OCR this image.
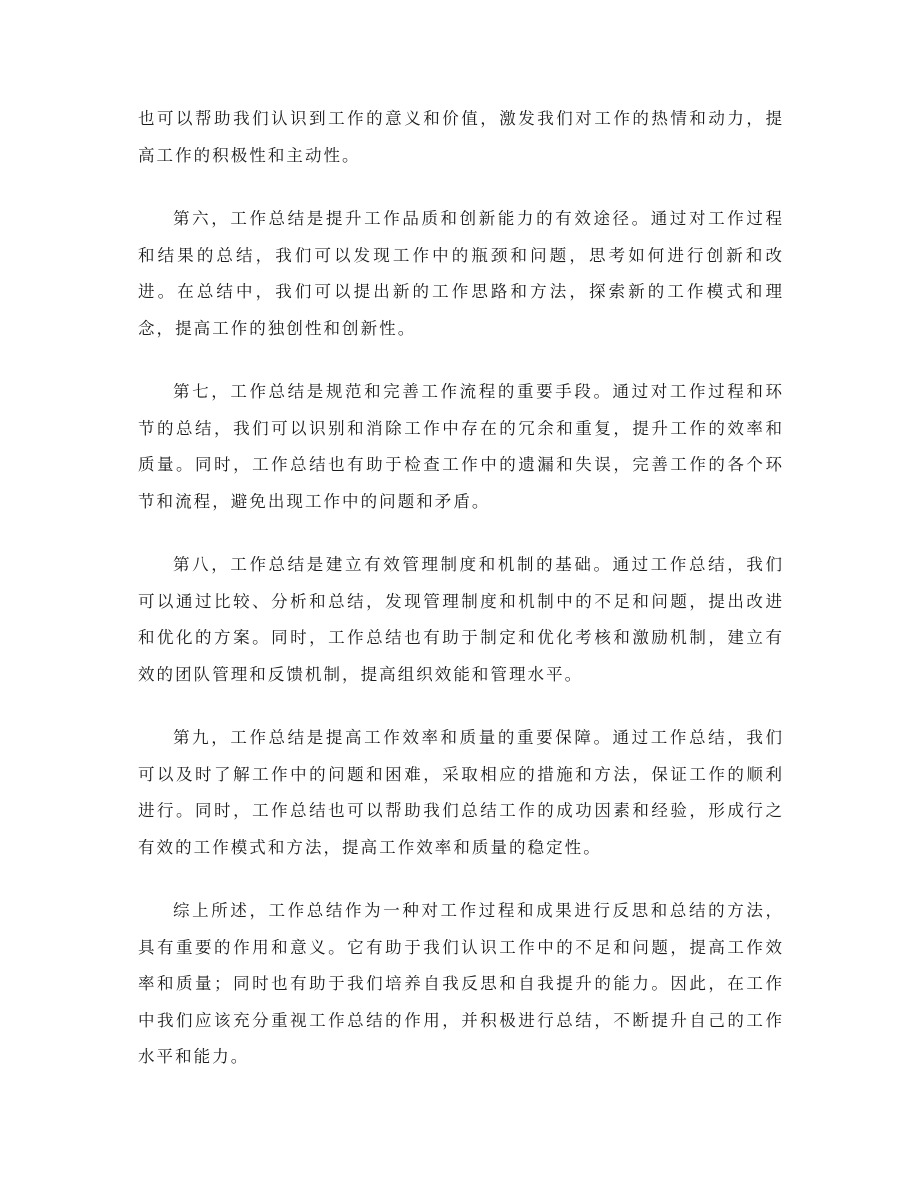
也可以帮助我们认识到工作的意义和价值，激发我们对工作的热情和动力，提高工作的积极性和主动性。

第六，工作总结是提升工作品质和创新能力的有效途径。通过对工作过程和结果的总结，我们可以发现工作中的瓶颈和问题，思考如何进行创新和改进。在总结中，我们可以提出新的工作思路和方法，探索新的工作模式和理念，提高工作的独创性和创新性。

第七，工作总结是规范和完善工作流程的重要手段。通过对工作过程和环节的总结，我们可以识别和消除工作中存在的冗余和重复，提升工作的效率和质量。同时，工作总结也有助于检查工作中的遗漏和失误，完善工作的各个环节和流程，避免出现工作中的问题和矛盾。

第八，工作总结是建立有效管理制度和机制的基础。通过工作总结，我们可以通过比较、分析和总结，发现管理制度和机制中的不足和问题，提出改进和优化的方案。同时，工作总结也有助于制定和优化考核和激励机制，建立有效的团队管理和反馈机制，提高组织效能和管理水平。

第九，工作总结是提高工作效率和质量的重要保障。通过工作总结，我们可以及时了解工作中的问题和困难，采取相应的措施和方法，保证工作的顺利进行。同时，工作总结也可以帮助我们总结工作的成功因素和经验，形成行之有效的工作模式和方法，提高工作效率和质量的稳定性。

综上所述，工作总结作为一种对工作过程和成果进行反思和总结的方法，具有重要的作用和意义。它有助于我们认识工作中的不足和问题，提高工作效率和质量；同时也有助于我们培养自我反思和自我提升的能力。因此，在工作中我们应该充分重视工作总结的作用，并积极进行总结，不断提升自己的工作水平和能力。
